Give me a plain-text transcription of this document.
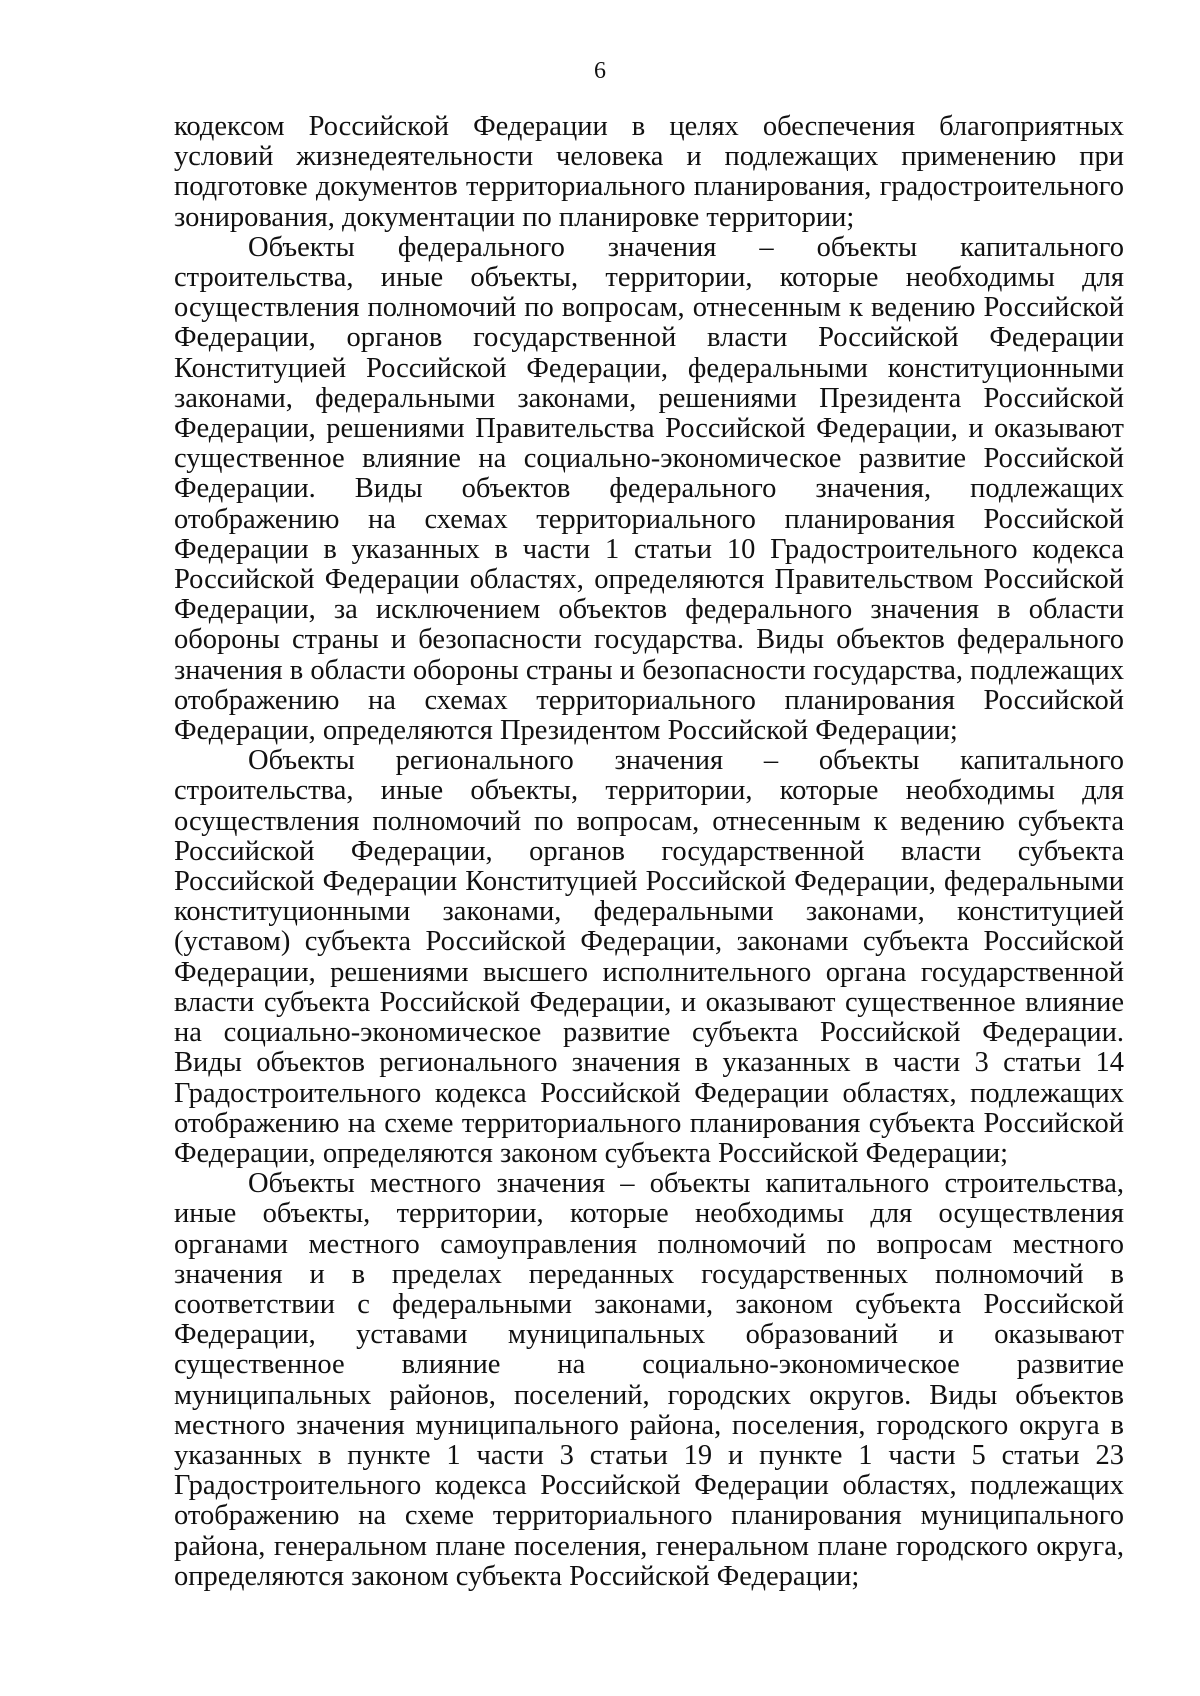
6

кодексом Российской Федерации в целях обеспечения благоприятных условий жизнедеятельности человека и подлежащих применению при подготовке документов территориального планирования, градостроительного зонирования, документации по планировке территории;

Объекты федерального значения – объекты капитального строительства, иные объекты, территории, которые необходимы для осуществления полномочий по вопросам, отнесенным к ведению Российской Федерации, органов государственной власти Российской Федерации Конституцией Российской Федерации, федеральными конституционными законами, федеральными законами, решениями Президента Российской Федерации, решениями Правительства Российской Федерации, и оказывают существенное влияние на социально-экономическое развитие Российской Федерации. Виды объектов федерального значения, подлежащих отображению на схемах территориального планирования Российской Федерации в указанных в части 1 статьи 10 Градостроительного кодекса Российской Федерации областях, определяются Правительством Российской Федерации, за исключением объектов федерального значения в области обороны страны и безопасности государства. Виды объектов федерального значения в области обороны страны и безопасности государства, подлежащих отображению на схемах территориального планирования Российской Федерации, определяются Президентом Российской Федерации;

Объекты регионального значения – объекты капитального строительства, иные объекты, территории, которые необходимы для осуществления полномочий по вопросам, отнесенным к ведению субъекта Российской Федерации, органов государственной власти субъекта Российской Федерации Конституцией Российской Федерации, федеральными конституционными законами, федеральными законами, конституцией (уставом) субъекта Российской Федерации, законами субъекта Российской Федерации, решениями высшего исполнительного органа государственной власти субъекта Российской Федерации, и оказывают существенное влияние на социально-экономическое развитие субъекта Российской Федерации. Виды объектов регионального значения в указанных в части 3 статьи 14 Градостроительного кодекса Российской Федерации областях, подлежащих отображению на схеме территориального планирования субъекта Российской Федерации, определяются законом субъекта Российской Федерации;

Объекты местного значения – объекты капитального строительства, иные объекты, территории, которые необходимы для осуществления органами местного самоуправления полномочий по вопросам местного значения и в пределах переданных государственных полномочий в соответствии с федеральными законами, законом субъекта Российской Федерации, уставами муниципальных образований и оказывают существенное влияние на социально-экономическое развитие муниципальных районов, поселений, городских округов. Виды объектов местного значения муниципального района, поселения, городского округа в указанных в пункте 1 части 3 статьи 19 и пункте 1 части 5 статьи 23 Градостроительного кодекса Российской Федерации областях, подлежащих отображению на схеме территориального планирования муниципального района, генеральном плане поселения, генеральном плане городского округа, определяются законом субъекта Российской Федерации;
